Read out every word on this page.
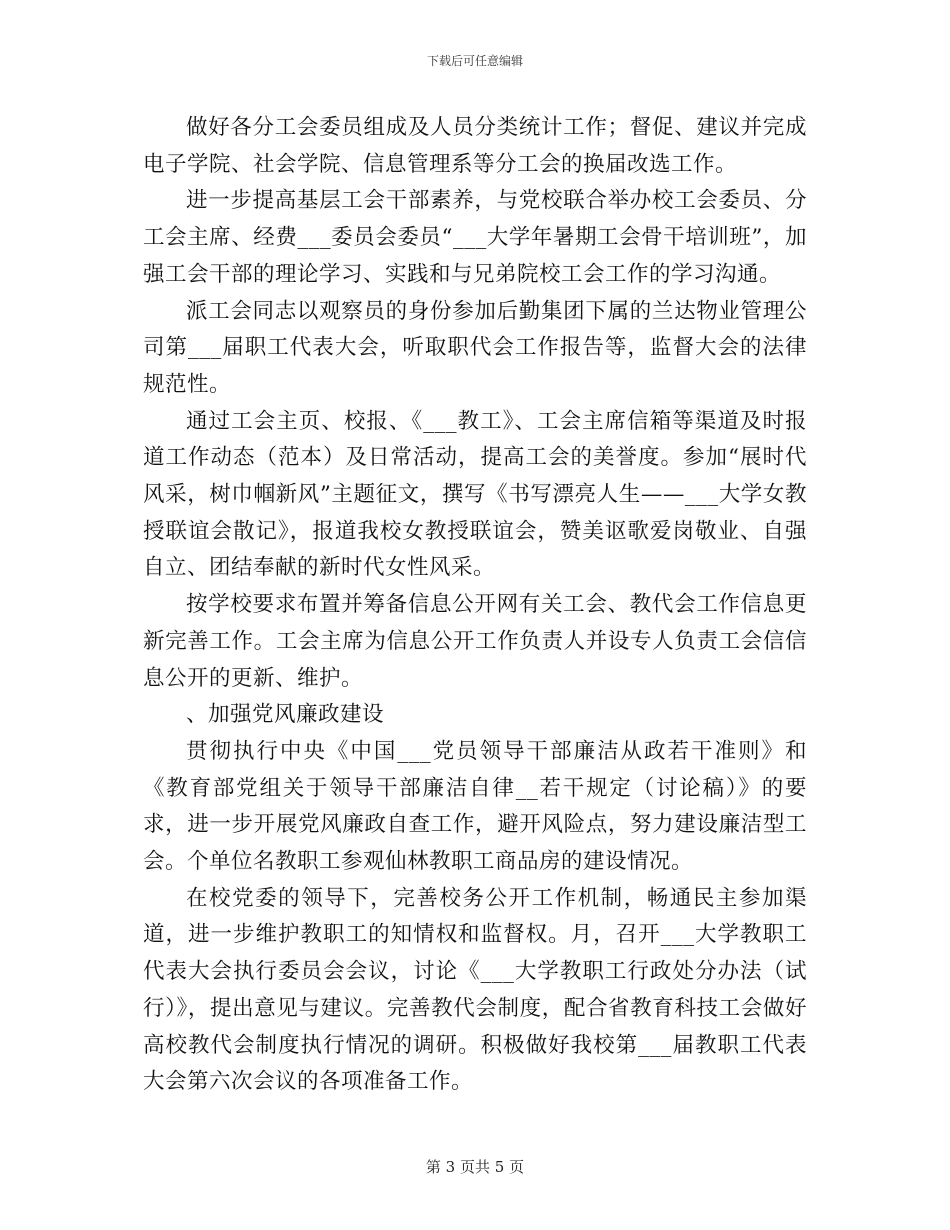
下载后可任意编辑

做好各分工会委员组成及人员分类统计工作；督促、建议并完成电子学院、社会学院、信息管理系等分工会的换届改选工作。

进一步提高基层工会干部素养，与党校联合举办校工会委员、分工会主席、经费___委员会委员“___大学年暑期工会骨干培训班”，加强工会干部的理论学习、实践和与兄弟院校工会工作的学习沟通。

派工会同志以观察员的身份参加后勤集团下属的兰达物业管理公司第___届职工代表大会，听取职代会工作报告等，监督大会的法律规范性。

通过工会主页、校报、《___教工》、工会主席信箱等渠道及时报道工作动态（范本）及日常活动，提高工会的美誉度。参加“展时代风采，树巾帼新风”主题征文，撰写《书写漂亮人生——___大学女教授联谊会散记》，报道我校女教授联谊会，赞美讴歌爱岗敬业、自强自立、团结奉献的新时代女性风采。

按学校要求布置并筹备信息公开网有关工会、教代会工作信息更新完善工作。工会主席为信息公开工作负责人并设专人负责工会信信息公开的更新、维护。

、加强党风廉政建设

贯彻执行中央《中国___党员领导干部廉洁从政若干准则》和《教育部党组关于领导干部廉洁自律__若干规定（讨论稿）》的要求，进一步开展党风廉政自查工作，避开风险点，努力建设廉洁型工会。个单位名教职工参观仙林教职工商品房的建设情况。

在校党委的领导下，完善校务公开工作机制，畅通民主参加渠道，进一步维护教职工的知情权和监督权。月，召开___大学教职工代表大会执行委员会会议，讨论《___大学教职工行政处分办法（试行）》，提出意见与建议。完善教代会制度，配合省教育科技工会做好高校教代会制度执行情况的调研。积极做好我校第___届教职工代表大会第六次会议的各项准备工作。

第 3 页共 5 页
